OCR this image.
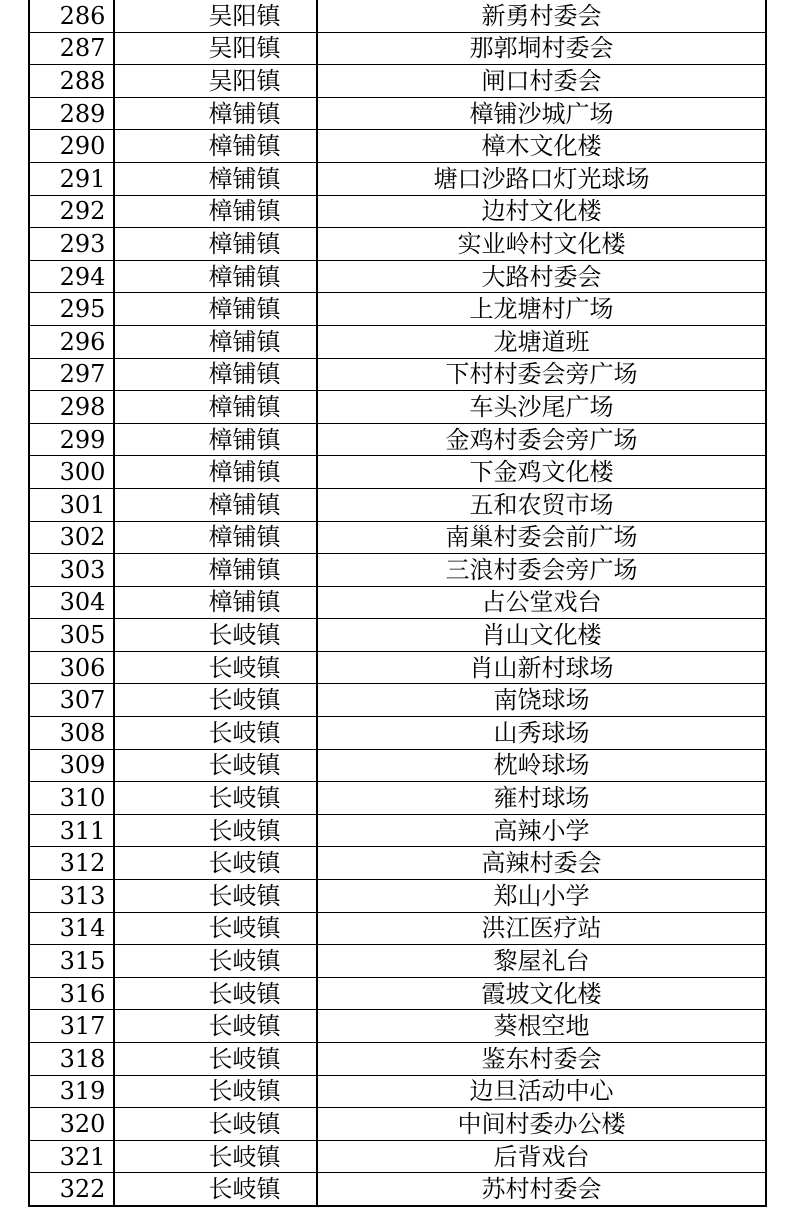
286	吴阳镇	新勇村委会
287	吴阳镇	那郭垌村委会
288	吴阳镇	闸口村委会
289	樟铺镇	樟铺沙城广场
290	樟铺镇	樟木文化楼
291	樟铺镇	塘口沙路口灯光球场
292	樟铺镇	边村文化楼
293	樟铺镇	实业岭村文化楼
294	樟铺镇	大路村委会
295	樟铺镇	上龙塘村广场
296	樟铺镇	龙塘道班
297	樟铺镇	下村村委会旁广场
298	樟铺镇	车头沙尾广场
299	樟铺镇	金鸡村委会旁广场
300	樟铺镇	下金鸡文化楼
301	樟铺镇	五和农贸市场
302	樟铺镇	南巢村委会前广场
303	樟铺镇	三浪村委会旁广场
304	樟铺镇	占公堂戏台
305	长岐镇	肖山文化楼
306	长岐镇	肖山新村球场
307	长岐镇	南饶球场
308	长岐镇	山秀球场
309	长岐镇	枕岭球场
310	长岐镇	雍村球场
311	长岐镇	高辣小学
312	长岐镇	高辣村委会
313	长岐镇	郑山小学
314	长岐镇	洪江医疗站
315	长岐镇	黎屋礼台
316	长岐镇	霞坡文化楼
317	长岐镇	葵根空地
318	长岐镇	鉴东村委会
319	长岐镇	边旦活动中心
320	长岐镇	中间村委办公楼
321	长岐镇	后背戏台
322	长岐镇	苏村村委会
